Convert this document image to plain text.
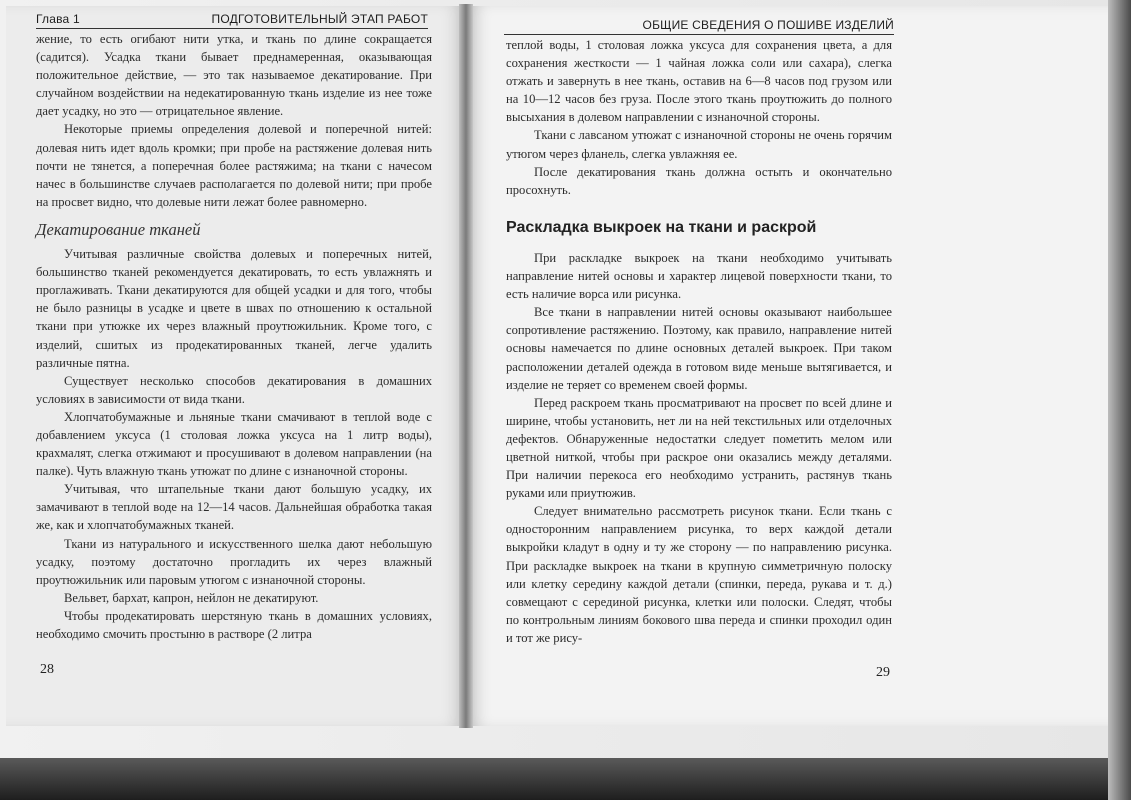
Глава 1	ПОДГОТОВИТЕЛЬНЫЙ ЭТАП РАБОТ

жение, то есть огибают нити утка, и ткань по длине сокращается (садится). Усадка ткани бывает преднамеренная, оказывающая положительное действие, — это так называемое декатирование. При случайном воздействии на недекатированную ткань изделие из нее тоже дает усадку, но это — отрицательное явление.

Некоторые приемы определения долевой и поперечной нитей: долевая нить идет вдоль кромки; при пробе на растяжение долевая нить почти не тянется, а поперечная более растяжима; на ткани с начесом начес в большинстве случаев располагается по долевой нити; при пробе на просвет видно, что долевые нити лежат более равномерно.

Декатирование тканей

Учитывая различные свойства долевых и поперечных нитей, большинство тканей рекомендуется декатировать, то есть увлажнять и проглаживать. Ткани декатируются для общей усадки и для того, чтобы не было разницы в усадке и цвете в швах по отношению к остальной ткани при утюжке их через влажный проутюжильник. Кроме того, с изделий, сшитых из продекатированных тканей, легче удалить различные пятна.

Существует несколько способов декатирования в домашних условиях в зависимости от вида ткани.

Хлопчатобумажные и льняные ткани смачивают в теплой воде с добавлением уксуса (1 столовая ложка уксуса на 1 литр воды), крахмалят, слегка отжимают и просушивают в долевом направлении (на палке). Чуть влажную ткань утюжат по длине с изнаночной стороны.

Учитывая, что штапельные ткани дают большую усадку, их замачивают в теплой воде на 12—14 часов. Дальнейшая обработка такая же, как и хлопчатобумажных тканей.

Ткани из натурального и искусственного шелка дают небольшую усадку, поэтому достаточно прогладить их через влажный проутюжильник или паровым утюгом с изнаночной стороны.

Вельвет, бархат, капрон, нейлон не декатируют.

Чтобы продекатировать шерстяную ткань в домашних условиях, необходимо смочить простыню в растворе (2 литра

28
ОБЩИЕ СВЕДЕНИЯ О ПОШИВЕ ИЗДЕЛИЙ

теплой воды, 1 столовая ложка уксуса для сохранения цвета, а для сохранения жесткости — 1 чайная ложка соли или сахара), слегка отжать и завернуть в нее ткань, оставив на 6—8 часов под грузом или на 10—12 часов без груза. После этого ткань проутюжить до полного высыхания в долевом направлении с изнаночной стороны.

Ткани с лавсаном утюжат с изнаночной стороны не очень горячим утюгом через фланель, слегка увлажняя ее.

После декатирования ткань должна остыть и окончательно просохнуть.

Раскладка выкроек на ткани и раскрой

При раскладке выкроек на ткани необходимо учитывать направление нитей основы и характер лицевой поверхности ткани, то есть наличие ворса или рисунка.

Все ткани в направлении нитей основы оказывают наибольшее сопротивление растяжению. Поэтому, как правило, направление нитей основы намечается по длине основных деталей выкроек. При таком расположении деталей одежда в готовом виде меньше вытягивается, и изделие не теряет со временем своей формы.

Перед раскроем ткань просматривают на просвет по всей длине и ширине, чтобы установить, нет ли на ней текстильных или отделочных дефектов. Обнаруженные недостатки следует пометить мелом или цветной ниткой, чтобы при раскрое они оказались между деталями. При наличии перекоса его необходимо устранить, растянув ткань руками или приутюжив.

Следует внимательно рассмотреть рисунок ткани. Если ткань с односторонним направлением рисунка, то верх каждой детали выкройки кладут в одну и ту же сторону — по направлению рисунка. При раскладке выкроек на ткани в крупную симметричную полоску или клетку середину каждой детали (спинки, переда, рукава и т. д.) совмещают с серединой рисунка, клетки или полоски. Следят, чтобы по контрольным линиям бокового шва переда и спинки проходил один и тот же рису-

29
